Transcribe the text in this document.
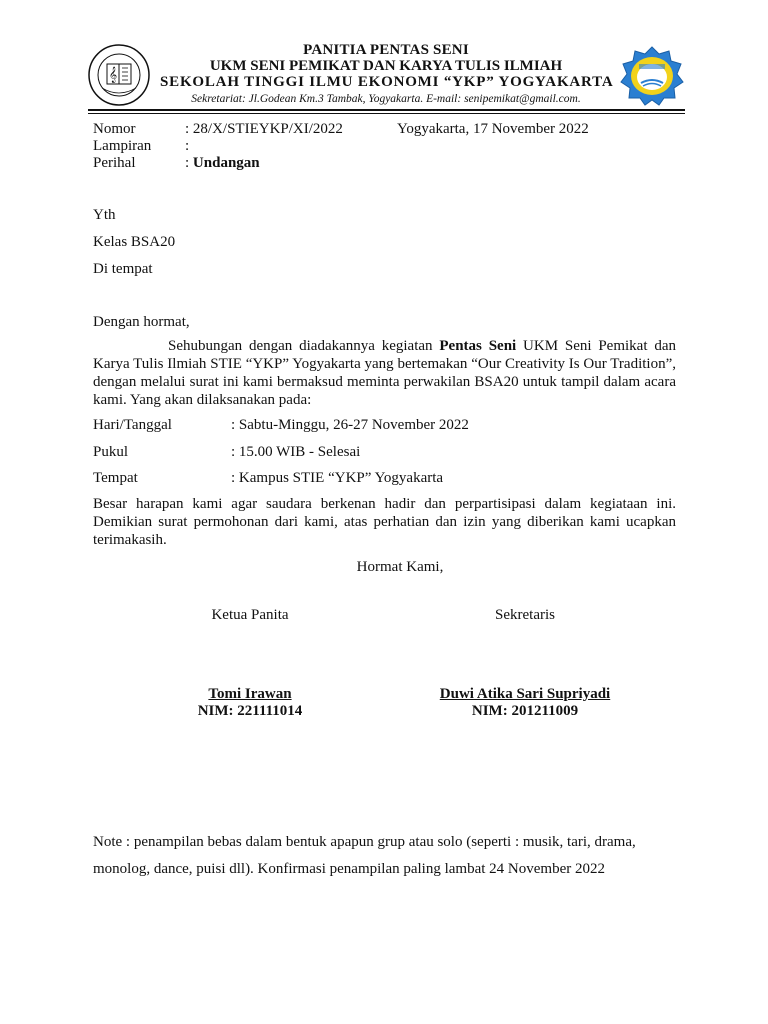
𝄞
PANITIA PENTAS SENI
UKM SENI PEMIKAT DAN KARYA TULIS ILMIAH
SEKOLAH TINGGI ILMU EKONOMI “YKP” YOGYAKARTA
Sekretariat: Jl.Godean Km.3 Tambak, Yogyakarta. E-mail: senipemikat@gmail.com.
Nomor	: 28/X/STIEYKP/XI/2022	Yogyakarta, 17 November 2022
Lampiran :
Perihal	: Undangan
Yth
Kelas BSA20
Di tempat
Dengan hormat,
Sehubungan dengan diadakannya kegiatan Pentas Seni UKM Seni Pemikat dan Karya Tulis Ilmiah STIE “YKP” Yogyakarta yang bertemakan “Our Creativity Is Our Tradition”, dengan melalui surat ini kami bermaksud meminta perwakilan BSA20 untuk tampil dalam acara kami. Yang akan dilaksanakan pada:
Hari/Tanggal	: Sabtu-Minggu, 26-27 November 2022
Pukul	: 15.00 WIB - Selesai
Tempat	: Kampus STIE “YKP” Yogyakarta
Besar harapan kami agar saudara berkenan hadir dan perpartisipasi dalam kegiataan ini. Demikian surat permohonan dari kami, atas perhatian dan izin yang diberikan kami ucapkan terimakasih.
Hormat Kami,
Ketua Panita	Sekretaris
Tomi Irawan	Duwi Atika Sari Supriyadi
NIM: 221111014	NIM: 201211009
Note : penampilan bebas dalam bentuk apapun grup atau solo (seperti : musik, tari, drama, monolog, dance, puisi dll). Konfirmasi penampilan paling lambat 24 November 2022
